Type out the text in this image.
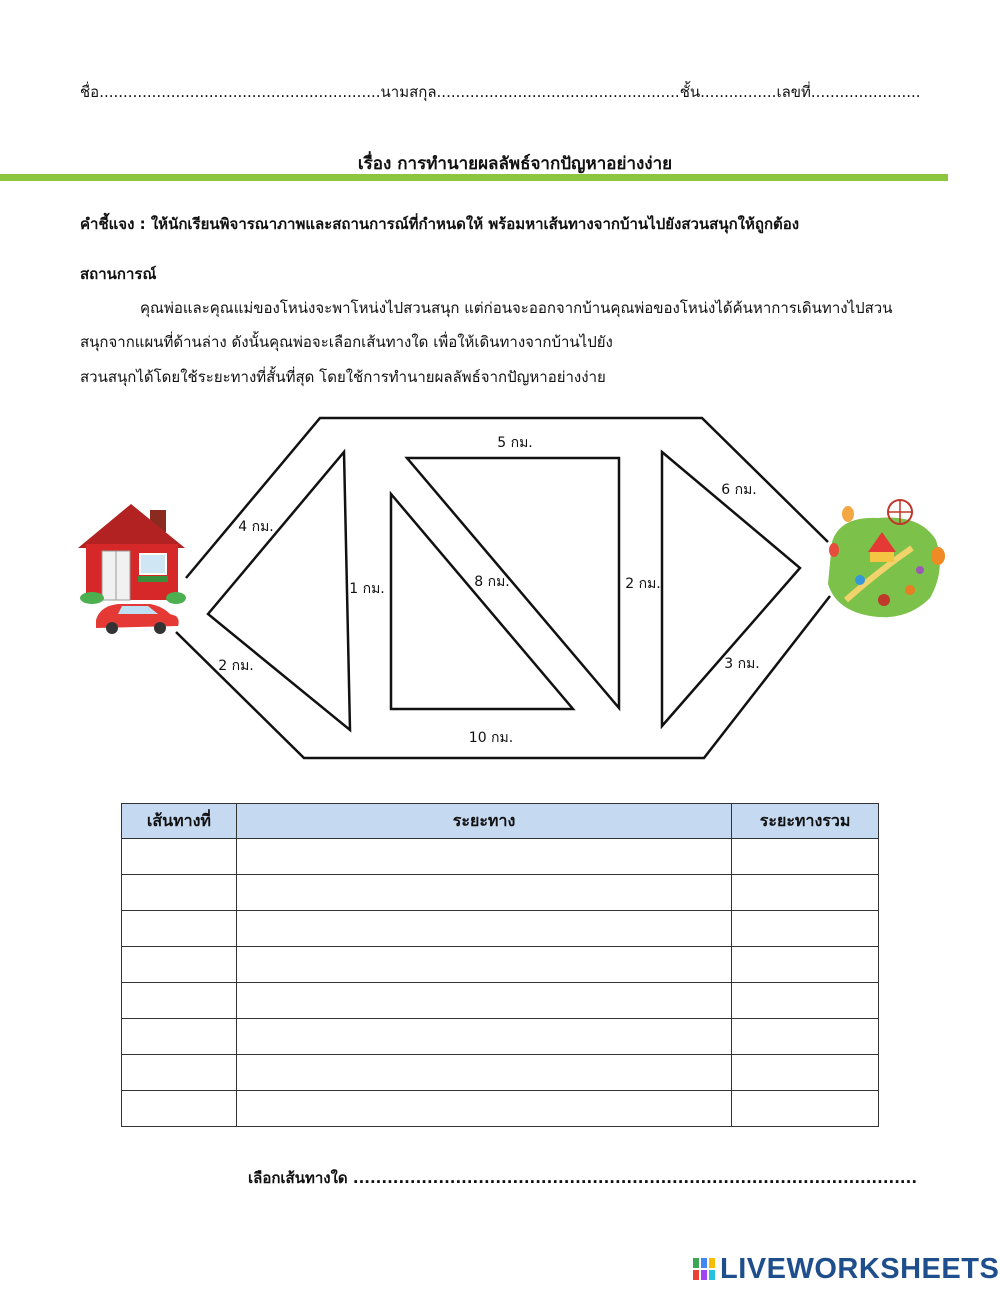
ชื่อ...........................................................นามสกุล...................................................ชั้น................เลขที่.......................
เรื่อง การทำนายผลลัพธ์จากปัญหาอย่างง่าย
คำชี้แจง : ให้นักเรียนพิจารณาภาพและสถานการณ์ที่กำหนดให้ พร้อมหาเส้นทางจากบ้านไปยังสวนสนุกให้ถูกต้อง
สถานการณ์
คุณพ่อและคุณแม่ของโหน่งจะพาโหน่งไปสวนสนุก แต่ก่อนจะออกจากบ้านคุณพ่อของโหน่งได้ค้นหาการเดินทางไปสวน
สนุกจากแผนที่ด้านล่าง ดังนั้นคุณพ่อจะเลือกเส้นทางใด เพื่อให้เดินทางจากบ้านไปยัง
สวนสนุกได้โดยใช้ระยะทางที่สั้นที่สุด โดยใช้การทำนายผลลัพธ์จากปัญหาอย่างง่าย
5 กม.
4 กม.
2 กม.
1 กม.	8 กม.	2 กม.
6 กม.
3 กม.
10 กม.
เส้นทางที่	ระยะทาง	ระยะทางรวม

เลือกเส้นทางใด ...................................................................................................
LIVEWORKSHEETS
